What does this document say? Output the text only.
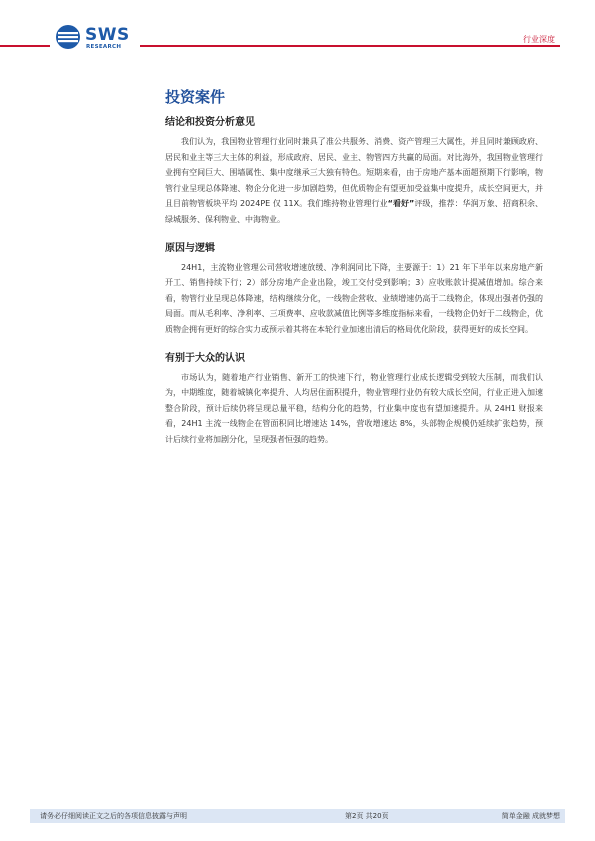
SWS
RESEARCH
行业深度
投资案件
结论和投资分析意见

我们认为，我国物业管理行业同时兼具了准公共服务、消费、资产管理三大属性，并且同时兼顾政府、居民和业主等三大主体的利益，形成政府、居民、业主、物管四方共赢的局面。对比海外，我国物业管理行业拥有空间巨大、围墙属性、集中度继承三大独有特色。短期来看，由于房地产基本面超预期下行影响，物管行业呈现总体降速、物企分化进一步加剧趋势，但优质物企有望更加受益集中度提升，成长空间更大，并且目前物管板块平均 2024PE 仅 11X。我们维持物业管理行业“看好”评级，推荐：华润万象、招商积余、绿城服务、保利物业、中海物业。

原因与逻辑

24H1，主流物业管理公司营收增速放缓、净利润同比下降，主要源于：1）21 年下半年以来房地产新开工、销售持续下行；2）部分房地产企业出险，竣工交付受到影响；3）应收账款计提减值增加。综合来看，物管行业呈现总体降速，结构继续分化，一线物企营收、业绩增速仍高于二线物企，体现出强者仍强的局面。而从毛利率、净利率、三项费率、应收款减值比例等多维度指标来看，一线物企仍好于二线物企，优质物企拥有更好的综合实力或预示着其将在本轮行业加速出清后的格局优化阶段，获得更好的成长空间。

有别于大众的认识

市场认为，随着地产行业销售、新开工的快速下行，物业管理行业成长逻辑受到较大压制，而我们认为，中期维度，随着城镇化率提升、人均居住面积提升，物业管理行业仍有较大成长空间，行业正进入加速整合阶段，预计后续仍将呈现总量平稳，结构分化的趋势，行业集中度也有望加速提升。从 24H1 财报来看，24H1 主流一线物企在管面积同比增速达 14%，营收增速达 8%，头部物企规模仍延续扩张趋势，预计后续行业将加剧分化，呈现强者恒强的趋势。

请务必仔细阅读正文之后的各项信息披露与声明	第2页 共20页	简单金融 成就梦想
